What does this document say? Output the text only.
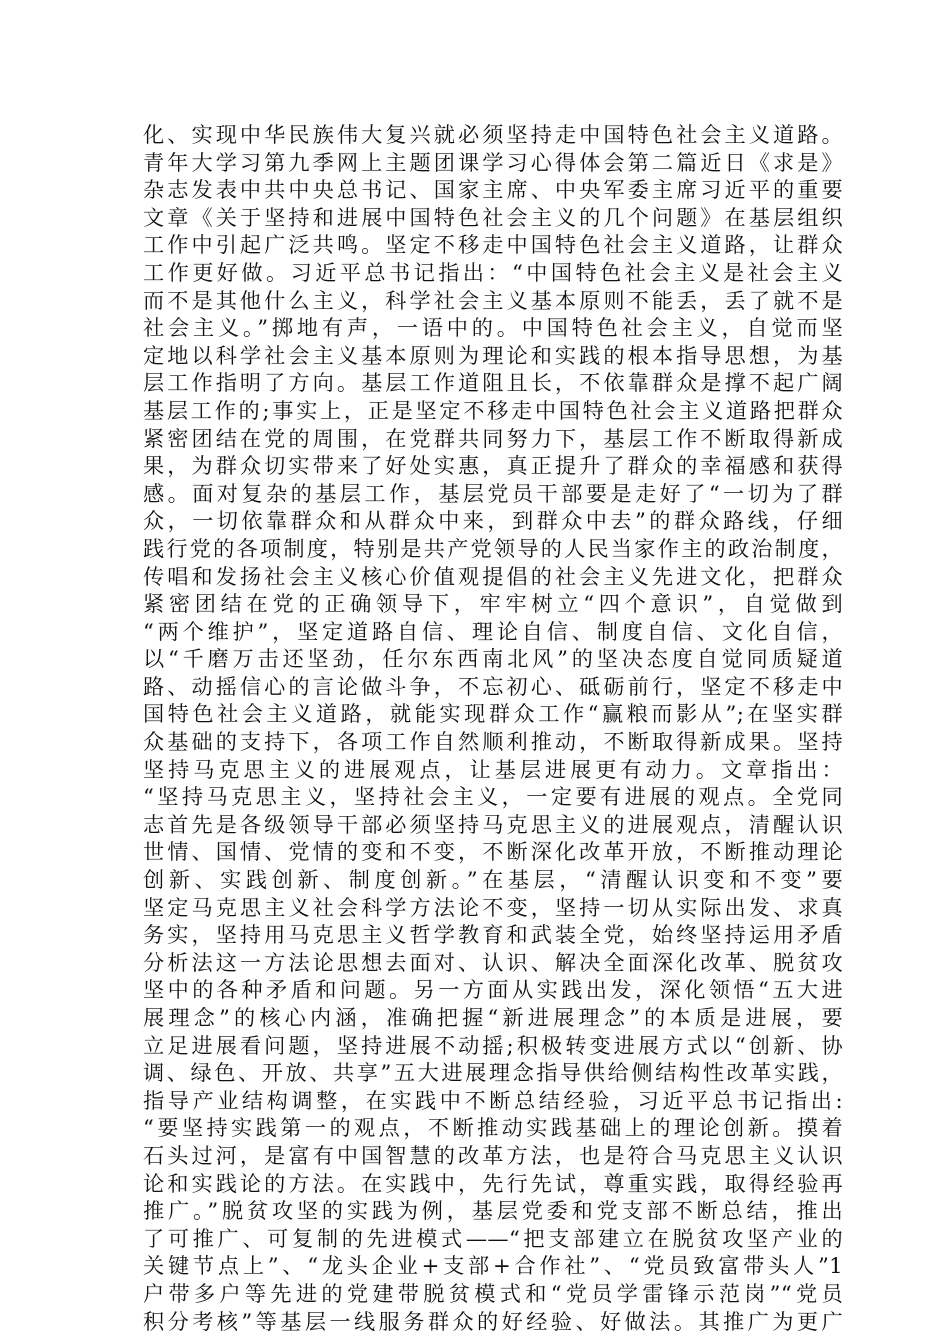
化、实现中华民族伟大复兴就必须坚持走中国特色社会主义道路。
青年大学习第九季网上主题团课学习心得体会第二篇近日《求是》
杂志发表中共中央总书记、国家主席、中央军委主席习近平的重要
文章《关于坚持和进展中国特色社会主义的几个问题》在基层组织
工作中引起广泛共鸣。坚定不移走中国特色社会主义道路，让群众
工作更好做。习近平总书记指出：“中国特色社会主义是社会主义
而不是其他什么主义，科学社会主义基本原则不能丢，丢了就不是
社会主义。”掷地有声，一语中的。中国特色社会主义，自觉而坚
定地以科学社会主义基本原则为理论和实践的根本指导思想，为基
层工作指明了方向。基层工作道阻且长，不依靠群众是撑不起广阔
基层工作的;事实上，正是坚定不移走中国特色社会主义道路把群众
紧密团结在党的周围，在党群共同努力下，基层工作不断取得新成
果，为群众切实带来了好处实惠，真正提升了群众的幸福感和获得
感。面对复杂的基层工作，基层党员干部要是走好了“一切为了群
众，一切依靠群众和从群众中来，到群众中去”的群众路线，仔细
践行党的各项制度，特别是共产党领导的人民当家作主的政治制度，
传唱和发扬社会主义核心价值观提倡的社会主义先进文化，把群众
紧密团结在党的正确领导下，牢牢树立“四个意识”，自觉做到
“两个维护”，坚定道路自信、理论自信、制度自信、文化自信，
以“千磨万击还坚劲，任尔东西南北风”的坚决态度自觉同质疑道
路、动摇信心的言论做斗争，不忘初心、砥砺前行，坚定不移走中
国特色社会主义道路，就能实现群众工作“赢粮而影从”;在坚实群
众基础的支持下，各项工作自然顺利推动，不断取得新成果。坚持
坚持马克思主义的进展观点，让基层进展更有动力。文章指出：
“坚持马克思主义，坚持社会主义，一定要有进展的观点。全党同
志首先是各级领导干部必须坚持马克思主义的进展观点，清醒认识
世情、国情、党情的变和不变，不断深化改革开放，不断推动理论
创新、实践创新、制度创新。”在基层，“清醒认识变和不变”要
坚定马克思主义社会科学方法论不变，坚持一切从实际出发、求真
务实，坚持用马克思主义哲学教育和武装全党，始终坚持运用矛盾
分析法这一方法论思想去面对、认识、解决全面深化改革、脱贫攻
坚中的各种矛盾和问题。另一方面从实践出发，深化领悟“五大进
展理念”的核心内涵，准确把握“新进展理念”的本质是进展，要
立足进展看问题，坚持进展不动摇;积极转变进展方式以“创新、协
调、绿色、开放、共享”五大进展理念指导供给侧结构性改革实践，
指导产业结构调整，在实践中不断总结经验，习近平总书记指出:
“要坚持实践第一的观点，不断推动实践基础上的理论创新。摸着
石头过河，是富有中国智慧的改革方法，也是符合马克思主义认识
论和实践论的方法。在实践中，先行先试，尊重实践，取得经验再
推广。”脱贫攻坚的实践为例，基层党委和党支部不断总结，推出
了可推广、可复制的先进模式——“把支部建立在脱贫攻坚产业的
关键节点上”、“龙头企业+支部+合作社”、“党员致富带头人”1
户带多户等先进的党建带脱贫模式和“党员学雷锋示范岗”“党员
积分考核”等基层一线服务群众的好经验、好做法。其推广为更广
